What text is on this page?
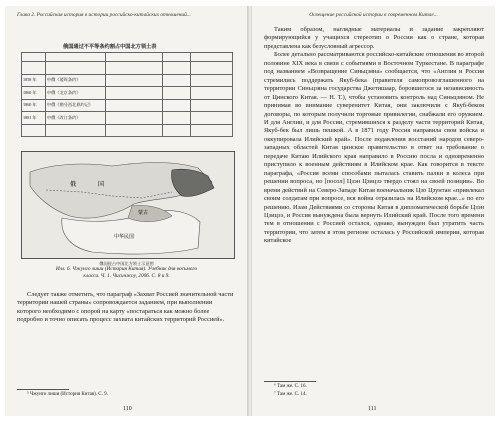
Глава 2. Российская история в истории российско-китайских отношений...
俄国通过不平等条约割占中国北方领土表

1858 年	中俄《瑷珲条约》			
1860 年	中俄《北京条约》			
1860 年	中俄《勘分西北界约记》			
1881 年	中俄《改订条约》			

俄	国
蒙古
中华民国
俄国侵占中国北方领土示意图
Илл. 6. Чжунго лиши (История Китая). Учебник для восьмого
класса. Ч. 1. Чисичжоу, 2006. С. 8 и 9.

Следует также отметить, что параграф «Захват Россией значительной части территории нашей страны» сопровождается заданием, при выполнении которого необходимо с опорой на карту «постараться как можно более подробно и точно описать процесс захвата китайских территорий Россией».

⁵ Чжунго лиши (История Китая). С. 9.
110
Освещение российской истории в современном Китае...

Таким образом, наглядные материалы и задание закрепляют формирующийся у учащихся стереотип о России как о стране, которая представлена как безусловный агрессор.

Более детально рассматриваются российско-китайские отношения во второй половине XIX века в связи с событиями в Восточном Туркестане. В параграфе под названием «Возвращение Синьцзяна» сообщается, что «Англия и Россия стремились поддержать Якуб-бека (правителя самопровозглашенного на территории Синьцзяна государства Джетишаар, боровшегося за независимость от Цинского Китая. — Н. Т.), чтобы установить контроль над Синьцзяном. Не принимая во внимание суверенитет Китая, они заключили с Якуб-беком договоры, по которым получили торговые привилегии, снабжали его оружием. И для Англии, и для России, стремившихся к разделу части территорий Китая, Якуб-бек был лишь пешкой. А в 1871 году Россия направила свои войска и оккупировала Илийский край». После подавления восстаний народов северо-западных областей Китая цинское правительство в ответ на требование о передаче Китаю Илийского края направило в Россию посла и одновременно приступило к военным действиям в Илийском крае. Как говорится в тексте параграфа, «Россия всеми способами пыталась ставить палки в колеса при решении вопроса, но [посол] Цзэн Цзицзэ твердо стоял на своей позиции». Во время действий на Северо-Западе Китая военачальник Цзо Цзунтан «привлекал своим солдатам при вопросе, вся война отразилась на Илийском крае...» по его решению. Изам Действиями со стороны Китая в дипломатической борьбе Цзэн Цзицзэ, и Россия вынуждена была вернуть Илийский край. После того времени тем в отношении с Россией остался, однако, вынужден был утратить часть территории, что затем в этом регионе осталась у Российской империи, которая китайское

⁶ Там же. С. 16.
⁷ Там же. С. 14.
111
